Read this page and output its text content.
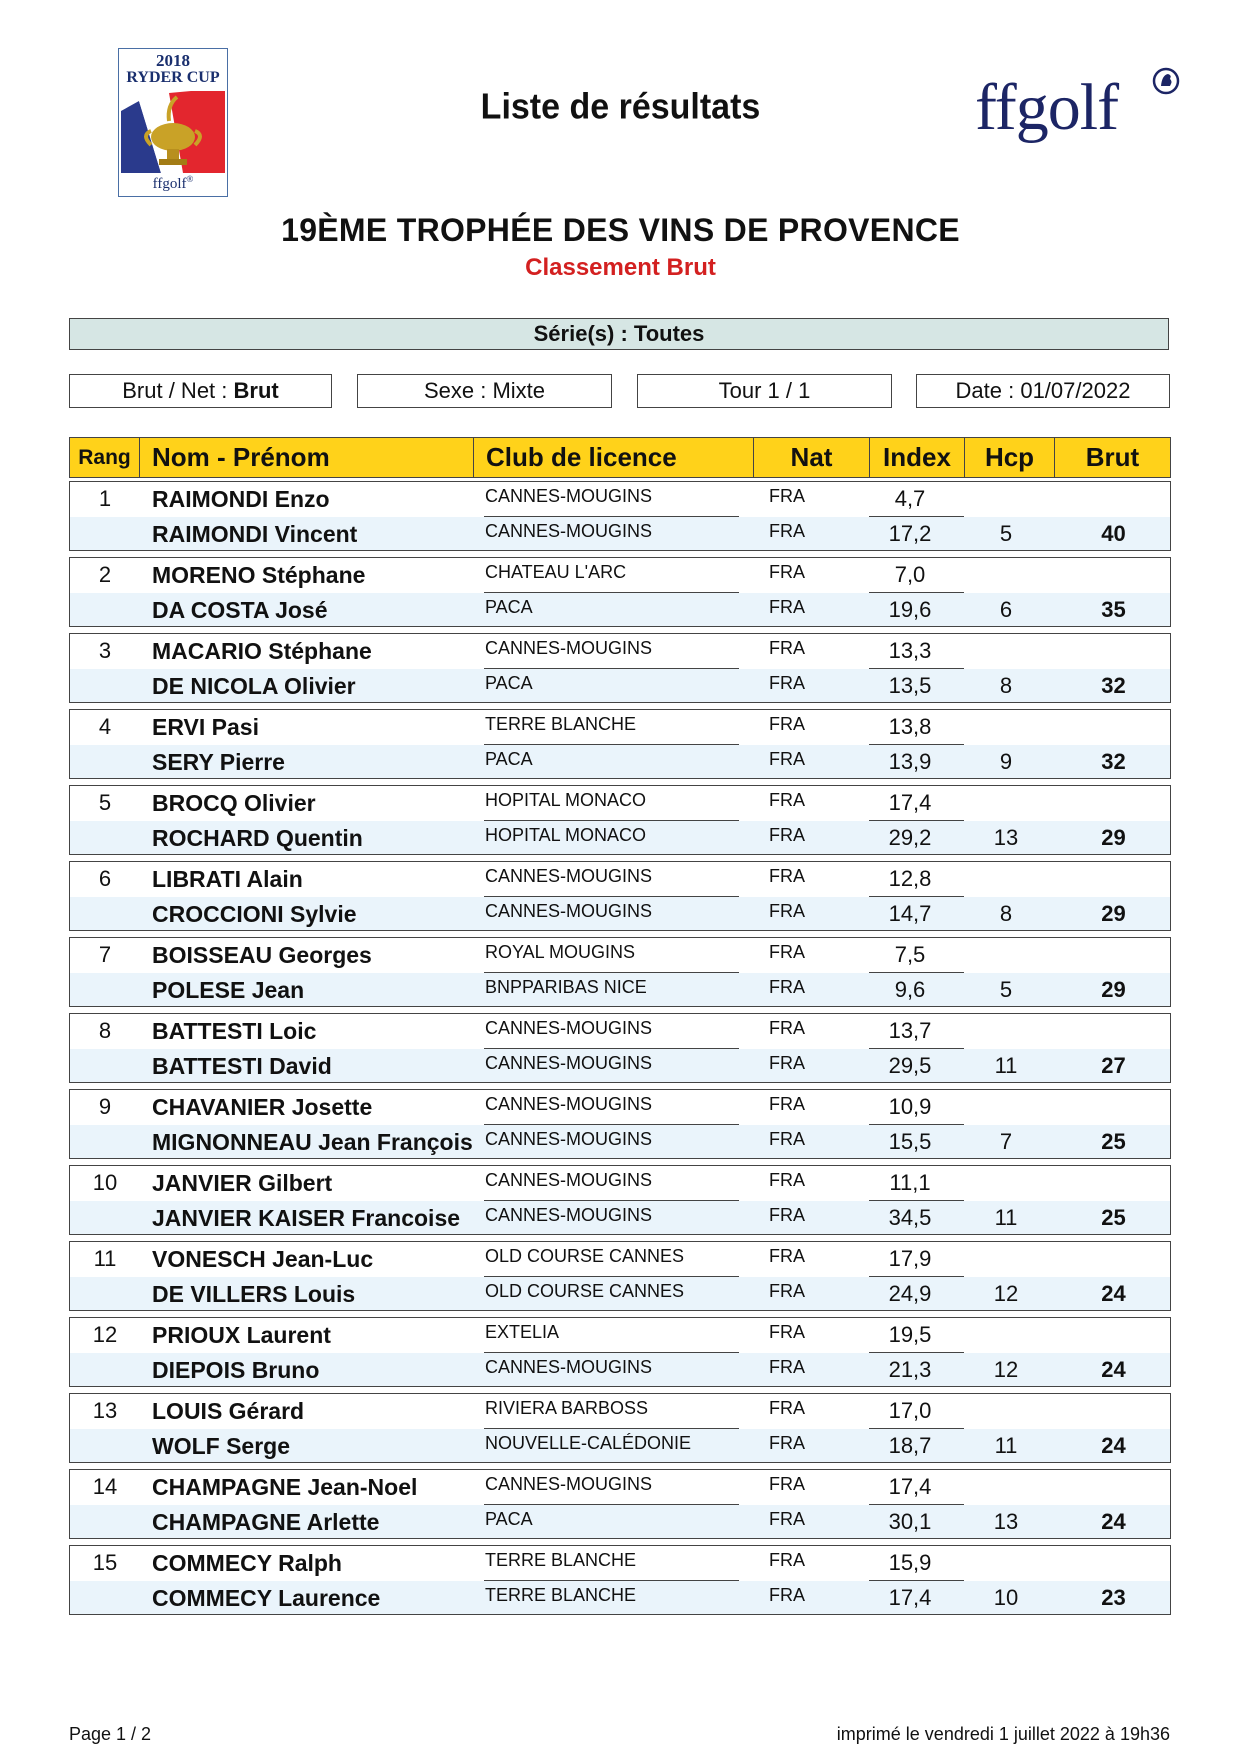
2018
RYDER CUP
ffgolf®
ffgolf
Liste de résultats
19ÈME TROPHÉE DES VINS DE PROVENCE
Classement Brut
Série(s) : Toutes
Brut / Net : Brut	Sexe : Mixte	Tour 1 / 1	Date : 01/07/2022
Rang Nom - Prénom	Club de licence	Nat	Index	Hcp	Brut
1	RAIMONDI Enzo	CANNES-MOUGINS	FRA	4,7
RAIMONDI Vincent	CANNES-MOUGINS	FRA	17,2	5	40
2	MORENO Stéphane	CHATEAU L'ARC	FRA	7,0
DA COSTA José	PACA	FRA	19,6	6	35
3	MACARIO Stéphane	CANNES-MOUGINS	FRA	13,3
DE NICOLA Olivier	PACA	FRA	13,5	8	32
4	ERVI Pasi	TERRE BLANCHE	FRA	13,8
SERY Pierre	PACA	FRA	13,9	9	32
5	BROCQ Olivier	HOPITAL MONACO	FRA	17,4
ROCHARD Quentin	HOPITAL MONACO	FRA	29,2	13	29
6	LIBRATI Alain	CANNES-MOUGINS	FRA	12,8
CROCCIONI Sylvie	CANNES-MOUGINS	FRA	14,7	8	29
7	BOISSEAU Georges	ROYAL MOUGINS	FRA	7,5
POLESE Jean	BNPPARIBAS NICE	FRA	9,6	5	29
8	BATTESTI Loic	CANNES-MOUGINS	FRA	13,7
BATTESTI David	CANNES-MOUGINS	FRA	29,5	11	27
9	CHAVANIER Josette	CANNES-MOUGINS	FRA	10,9
MIGNONNEAU Jean François CANNES-MOUGINS	FRA	15,5	7	25
10	JANVIER Gilbert	CANNES-MOUGINS	FRA	11,1
JANVIER KAISER Francoise CANNES-MOUGINS	FRA	34,5	11	25
11	VONESCH Jean-Luc	OLD COURSE CANNES	FRA	17,9
DE VILLERS Louis	OLD COURSE CANNES	FRA	24,9	12	24
12	PRIOUX Laurent	EXTELIA	FRA	19,5
DIEPOIS Bruno	CANNES-MOUGINS	FRA	21,3	12	24
13	LOUIS Gérard	RIVIERA BARBOSS	FRA	17,0
WOLF Serge	NOUVELLE-CALÉDONIE	FRA	18,7	11	24
14	CHAMPAGNE Jean-Noel	CANNES-MOUGINS	FRA	17,4
CHAMPAGNE Arlette	PACA	FRA	30,1	13	24
15	COMMECY Ralph	TERRE BLANCHE	FRA	15,9
COMMECY Laurence	TERRE BLANCHE	FRA	17,4	10	23
Page 1 / 2	imprimé le vendredi 1 juillet 2022 à 19h36
